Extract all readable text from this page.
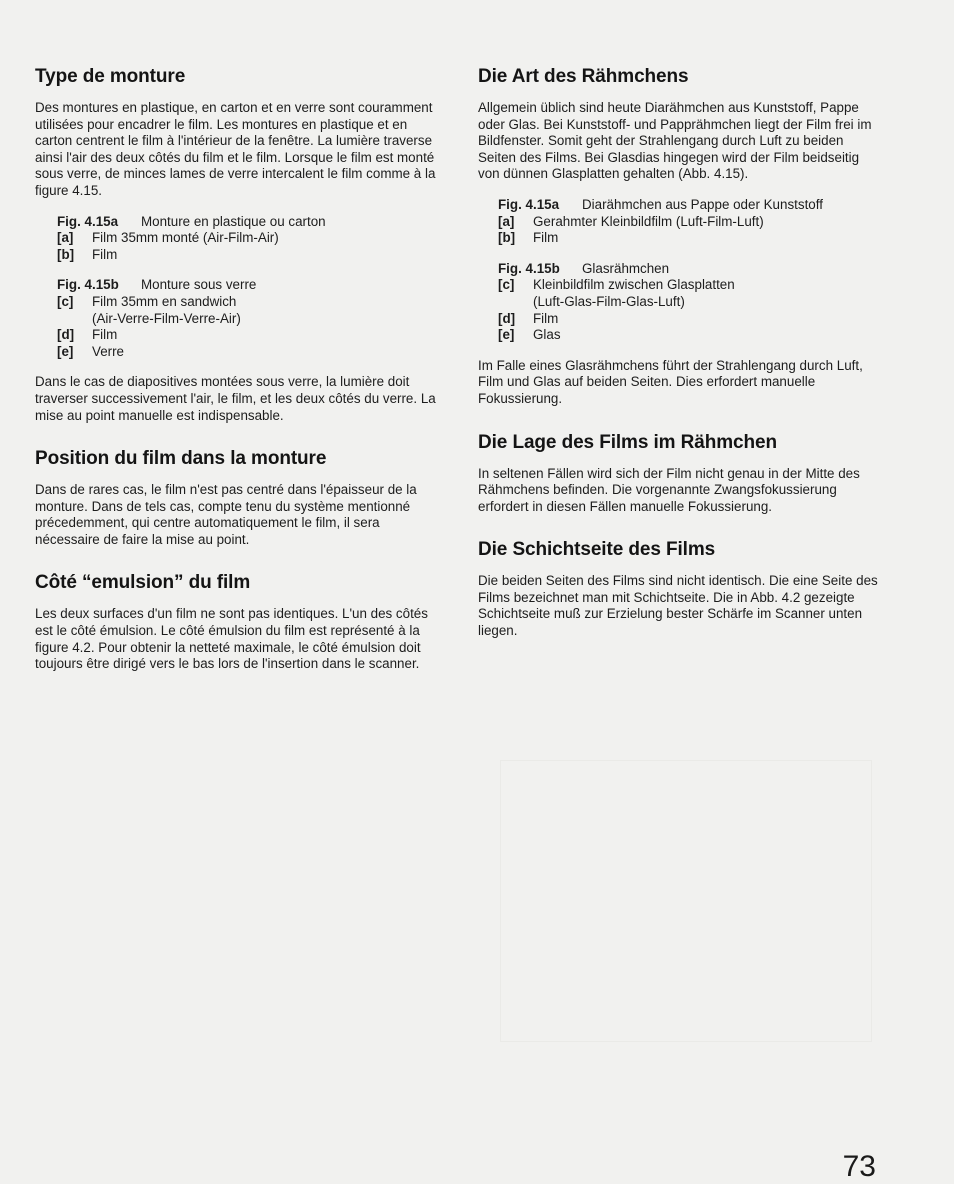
Type de monture

Des montures en plastique, en carton et en verre sont couramment utilisées pour encadrer le film. Les montures en plastique et en carton centrent le film à l'intérieur de la fenêtre. La lumière traverse ainsi l'air des deux côtés du film et le film. Lorsque le film est monté sous verre, de minces lames de verre intercalent le film comme à la figure 4.15.

Fig. 4.15a	Monture en plastique ou carton
[a]	Film 35mm monté (Air-Film-Air)
[b]	Film
Fig. 4.15b	Monture sous verre
[c]	Film 35mm en sandwich
(Air-Verre-Film-Verre-Air)
[d]	Film
[e]	Verre

Dans le cas de diapositives montées sous verre, la lumière doit traverser successivement l'air, le film, et les deux côtés du verre. La mise au point manuelle est indispensable.

Position du film dans la monture

Dans de rares cas, le film n'est pas centré dans l'épaisseur de la monture. Dans de tels cas, compte tenu du système mentionné précedemment, qui centre automatiquement le film, il sera nécessaire de faire la mise au point.

Côté “emulsion” du film

Les deux surfaces d'un film ne sont pas identiques. L'un des côtés est le côté émulsion. Le côté émulsion du film est représenté à la figure 4.2. Pour obtenir la netteté maximale, le côté émulsion doit toujours être dirigé vers le bas lors de l'insertion dans le scanner.

Die Art des Rähmchens

Allgemein üblich sind heute Diarähmchen aus Kunststoff, Pappe oder Glas. Bei Kunststoff- und Papprähmchen liegt der Film frei im Bildfenster. Somit geht der Strahlengang durch Luft zu beiden Seiten des Films. Bei Glasdias hingegen wird der Film beidseitig von dünnen Glasplatten gehalten (Abb. 4.15).

Fig. 4.15a	Diarähmchen aus Pappe oder Kunststoff
[a]	Gerahmter Kleinbildfilm (Luft-Film-Luft)
[b]	Film
Fig. 4.15b	Glasrähmchen
[c]	Kleinbildfilm zwischen Glasplatten
(Luft-Glas-Film-Glas-Luft)
[d]	Film
[e]	Glas

Im Falle eines Glasrähmchens führt der Strahlengang durch Luft, Film und Glas auf beiden Seiten. Dies erfordert manuelle Fokussierung.

Die Lage des Films im Rähmchen

In seltenen Fällen wird sich der Film nicht genau in der Mitte des Rähmchens befinden. Die vorgenannte Zwangsfokussierung erfordert in diesen Fällen manuelle Fokussierung.

Die Schichtseite des Films

Die beiden Seiten des Films sind nicht identisch. Die eine Seite des Films bezeichnet man mit Schichtseite. Die in Abb. 4.2 gezeigte Schichtseite muß zur Erzielung bester Schärfe im Scanner unten liegen.

73
